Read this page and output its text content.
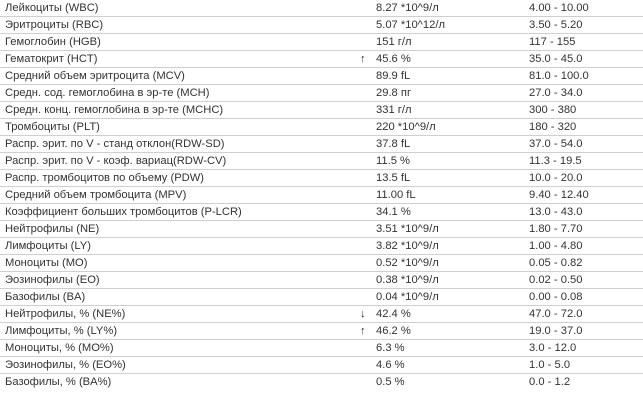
Лейкоциты (WBC)		8.27 *10^9/л	4.00 - 10.00
Эритроциты (RBC)		5.07 *10^12/л	3.50 - 5.20
Гемоглобин (HGB)		151 г/л	117 - 155
Гематокрит (HCT)	↑	45.6 %	35.0 - 45.0
Средний объем эритроцита (MCV)		89.9 fL	81.0 - 100.0
Средн. сод. гемоглобина в эр-те (MCH)		29.8 пг	27.0 - 34.0
Средн. конц. гемоглобина в эр-те (MCHC)		331 г/л	300 - 380
Тромбоциты (PLT)		220 *10^9/л	180 - 320
Распр. эрит. по V - станд отклон(RDW-SD)		37.8 fL	37.0 - 54.0
Распр. эрит. по V - коэф. вариац(RDW-CV)		11.5 %	11.3 - 19.5
Распр. тромбоцитов по объему (PDW)		13.5 fL	10.0 - 20.0
Средний объем тромбоцита (MPV)		11.00 fL	9.40 - 12.40
Коэффициент больших тромбоцитов (P-LCR)		34.1 %	13.0 - 43.0
Нейтрофилы (NE)		3.51 *10^9/л	1.80 - 7.70
Лимфоциты (LY)		3.82 *10^9/л	1.00 - 4.80
Моноциты (MO)		0.52 *10^9/л	0.05 - 0.82
Эозинофилы (EO)		0.38 *10^9/л	0.02 - 0.50
Базофилы (BA)		0.04 *10^9/л	0.00 - 0.08
Нейтрофилы, % (NE%)	↓	42.4 %	47.0 - 72.0
Лимфоциты, % (LY%)	↑	46.2 %	19.0 - 37.0
Моноциты, % (MO%)		6.3 %	3.0 - 12.0
Эозинофилы, % (EO%)		4.6 %	1.0 - 5.0
Базофилы, % (BA%)		0.5 %	0.0 - 1.2
